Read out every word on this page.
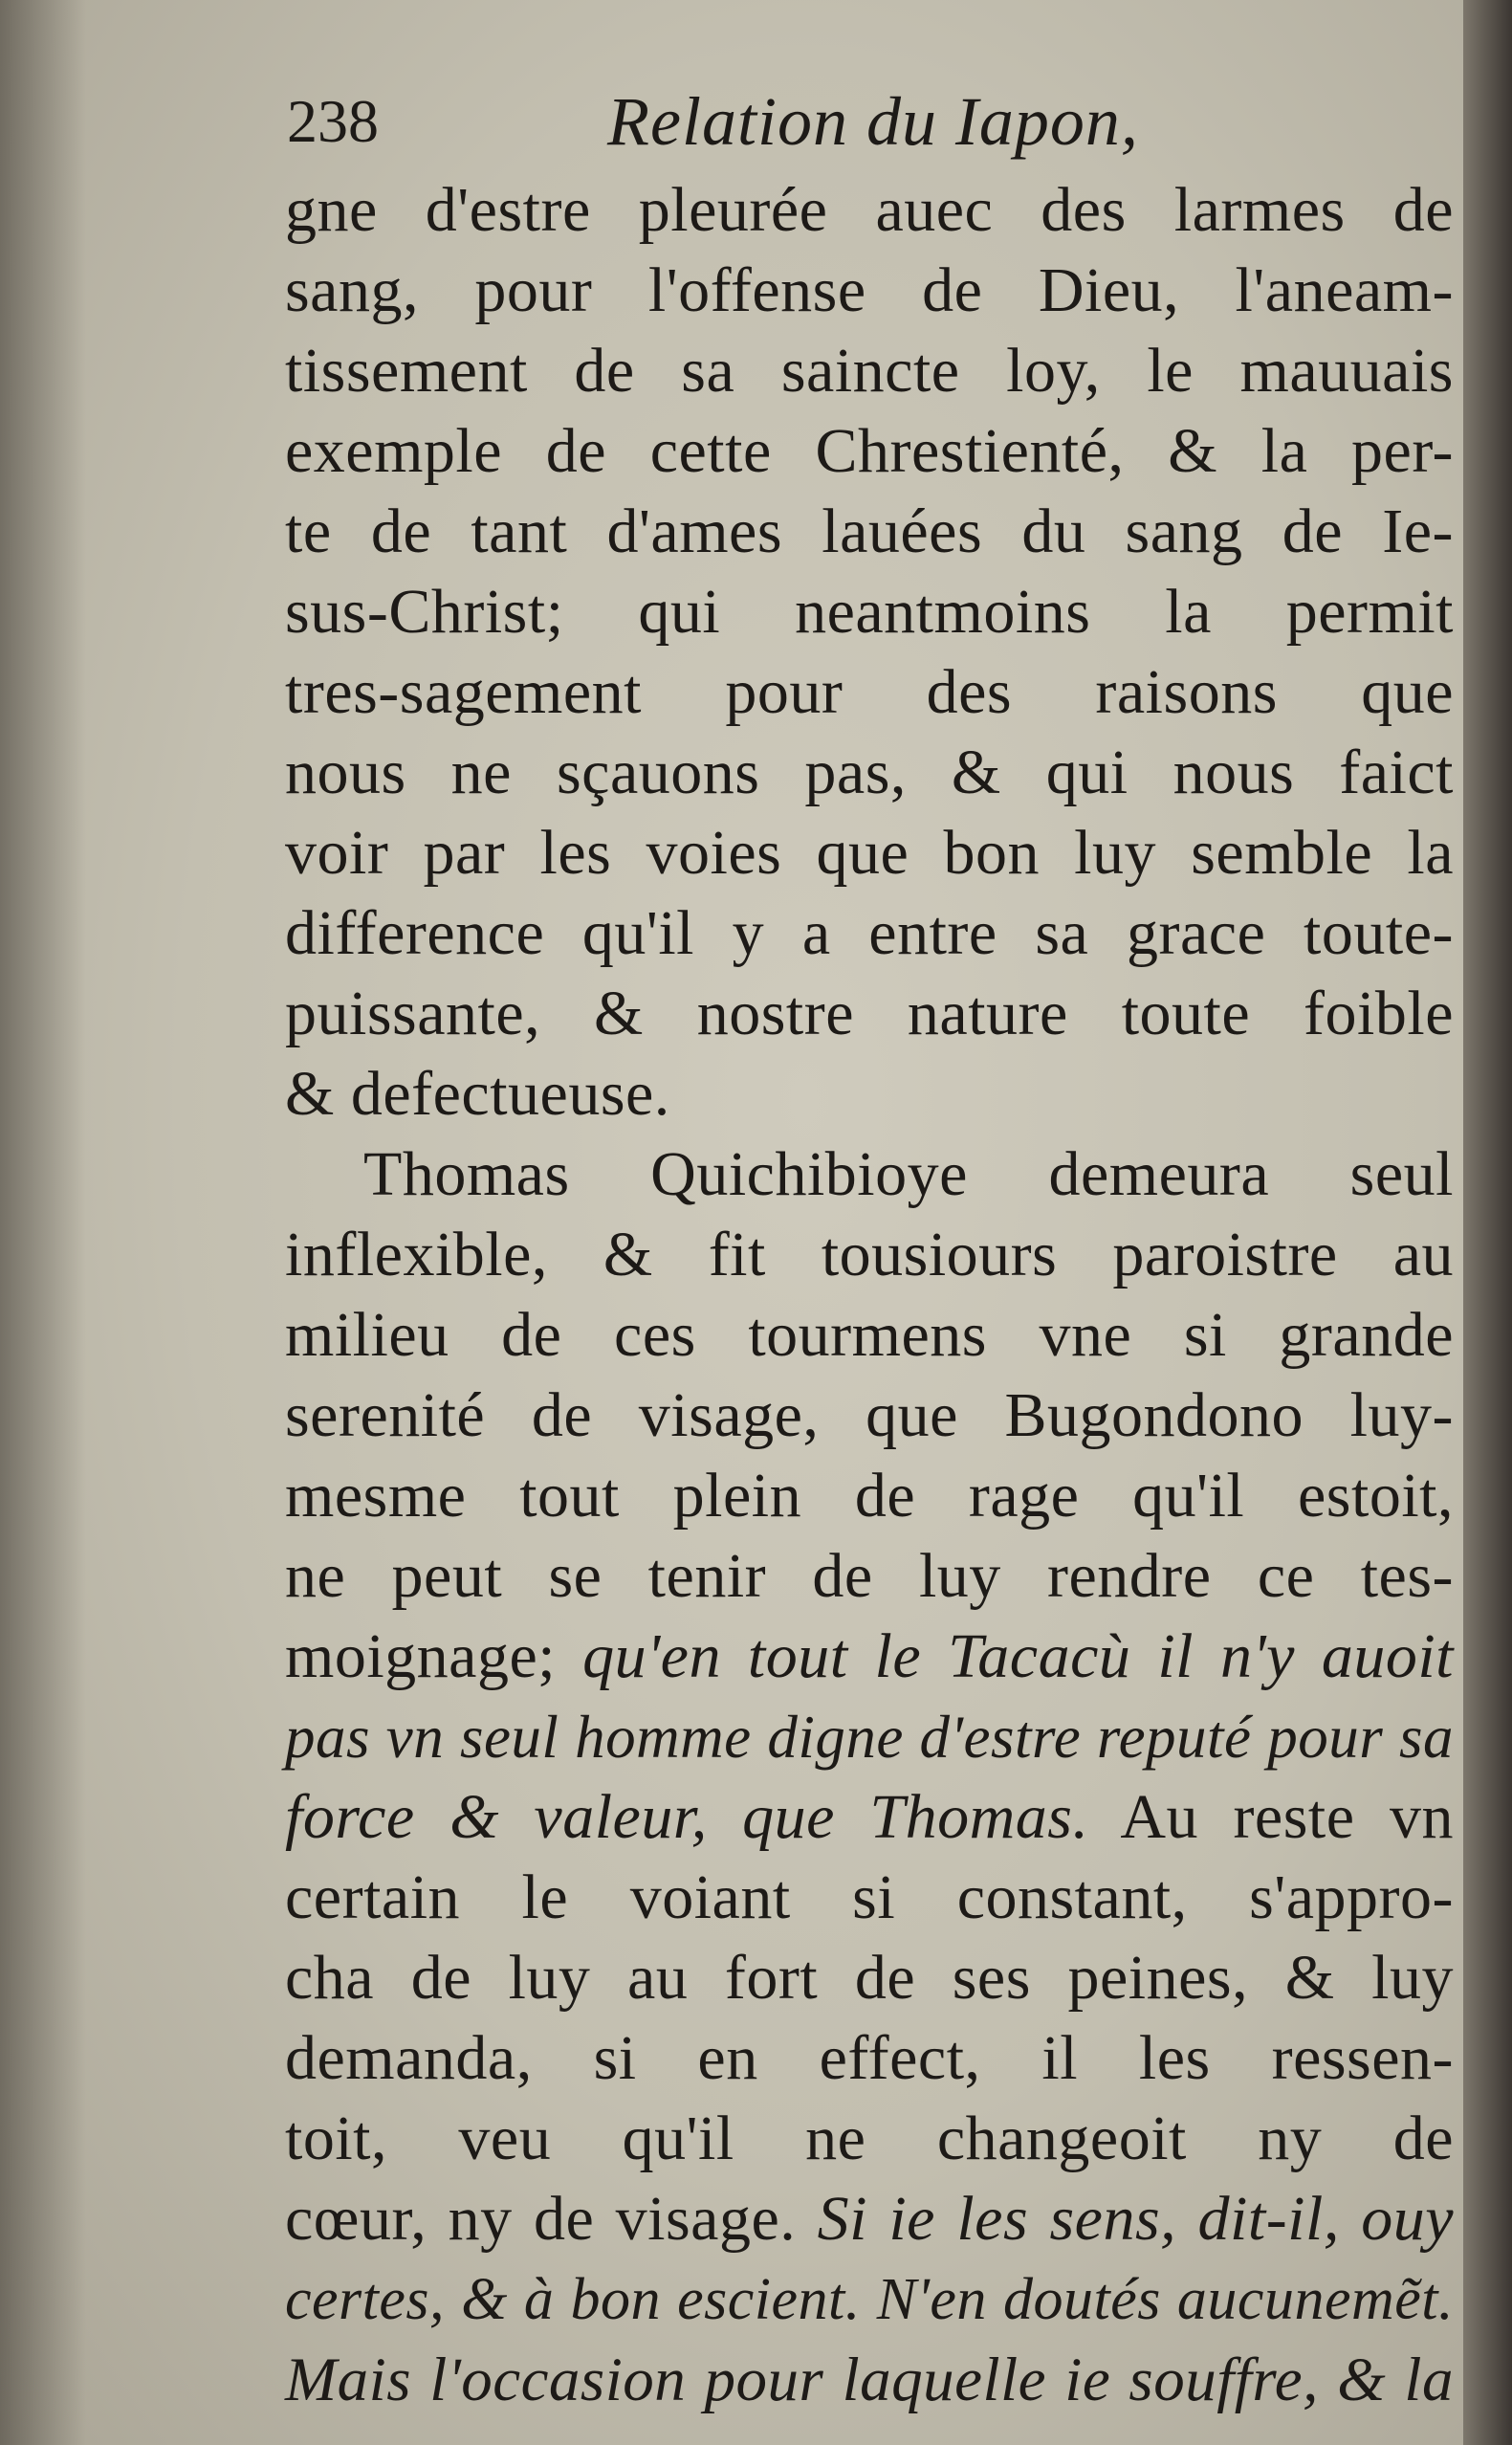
238	Relation du Iapon,
gne d'estre pleurée auec des larmes de
sang, pour l'offense de Dieu, l'aneam-
tissement de sa saincte loy, le mauuais
exemple de cette Chrestienté, & la per-
te de tant d'ames lauées du sang de Ie-
sus-Christ; qui neantmoins la permit
tres-sagement pour des raisons que
nous ne sçauons pas, & qui nous faict
voir par les voies que bon luy semble la
difference qu'il y a entre sa grace toute-
puissante, & nostre nature toute foible
& defectueuse.
Thomas Quichibioye demeura seul
inflexible, & fit tousiours paroistre au
milieu de ces tourmens vne si grande
serenité de visage, que Bugondono luy-
mesme tout plein de rage qu'il estoit,
ne peut se tenir de luy rendre ce tes-
moignage; qu'en tout le Tacacù il n'y auoit
pas vn seul homme digne d'estre reputé pour sa
force & valeur, que Thomas. Au reste vn
certain le voiant si constant, s'appro-
cha de luy au fort de ses peines, & luy
demanda, si en effect, il les ressen-
toit, veu qu'il ne changeoit ny de
cœur, ny de visage. Si ie les sens, dit-il, ouy
certes, & à bon escient. N'en doutés aucunemẽt.
Mais l'occasion pour laquelle ie souffre, & la
